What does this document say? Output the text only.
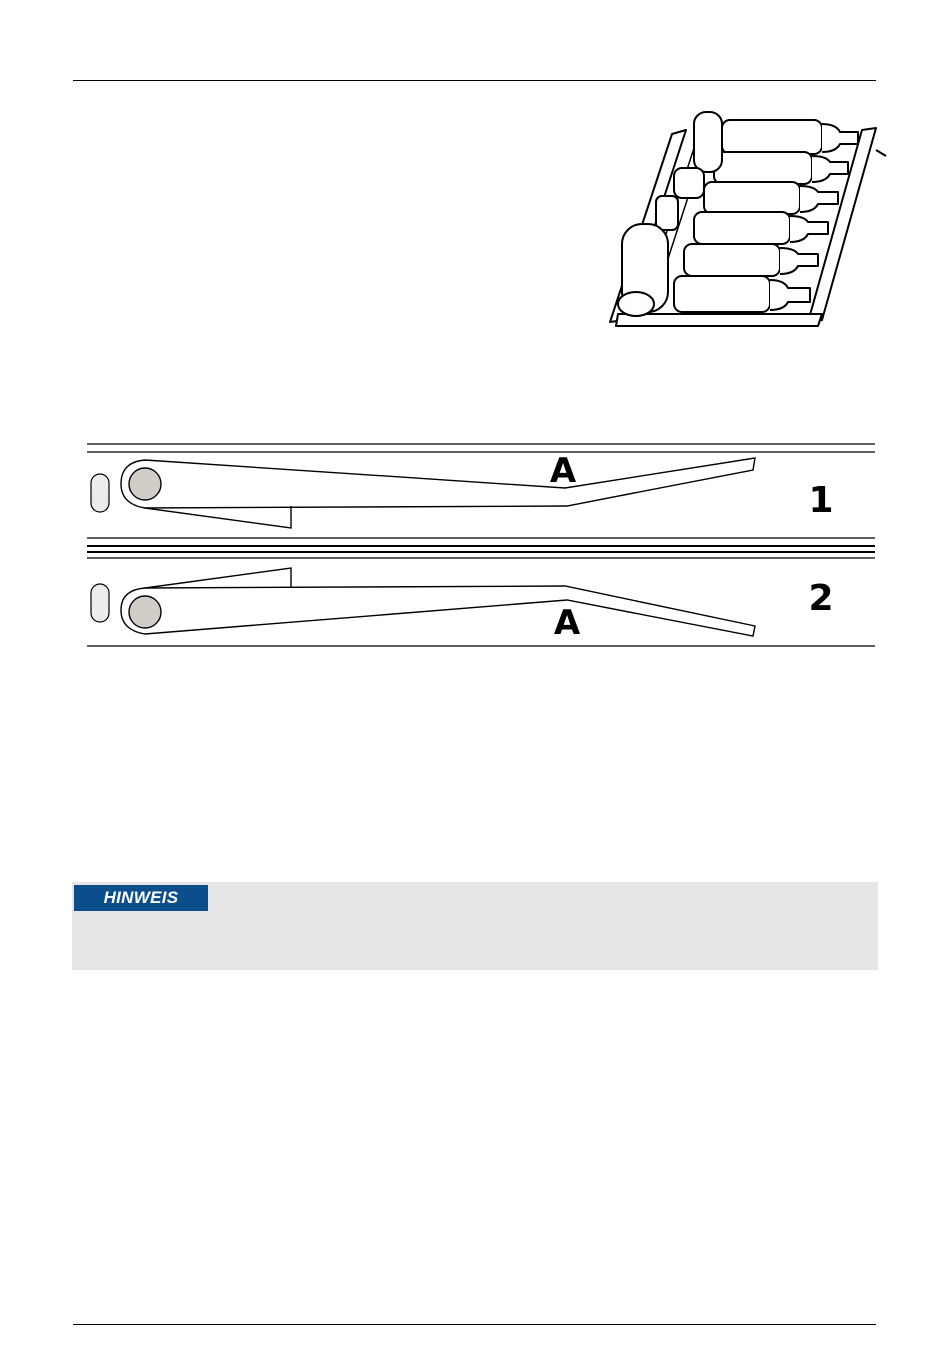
A
A
1
2
HINWEIS
